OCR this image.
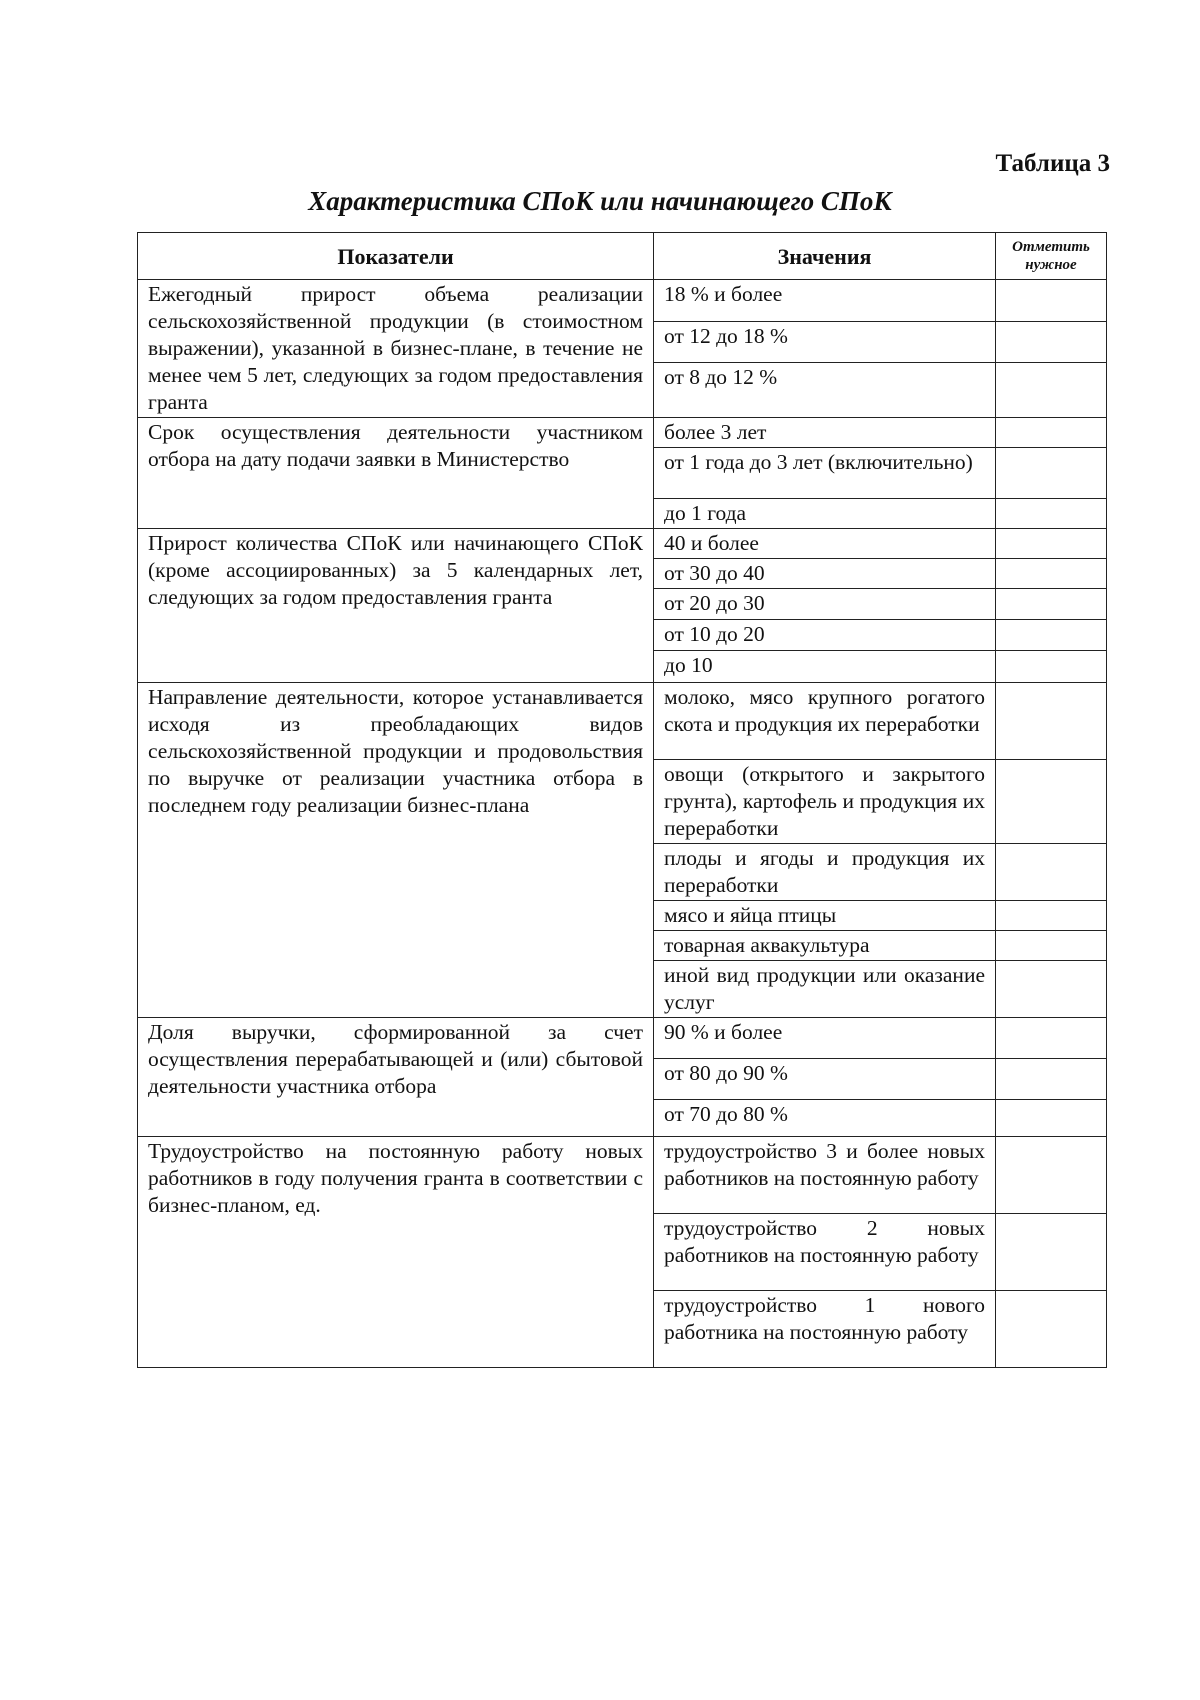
Таблица 3
Характеристика СПоК или начинающего СПоК
Показатели	Значения	Отметить нужное
Ежегодный прирост объема реализации сельскохозяйственной продукции (в стоимостном выражении), указанной в бизнес-плане, в течение не менее чем 5 лет, следующих за годом предоставления гранта	18 % и более	
	от 12 до 18 %	
	от 8 до 12 %	
Срок осуществления деятельности участником отбора на дату подачи заявки в Министерство	более 3 лет	
	от 1 года до 3 лет (включительно)	
	до 1 года	
Прирост количества СПоК или начинающего СПоК (кроме ассоциированных) за 5 календарных лет, следующих за годом предоставления гранта	40 и более	
	от 30 до 40	
	от 20 до 30	
	от 10 до 20	
	до 10	
Направление деятельности, которое устанавливается исходя из преобладающих видов сельскохозяйственной продукции и продовольствия по выручке от реализации участника отбора в последнем году реализации бизнес-плана	молоко, мясо крупного рогатого скота и продукция их переработки	
	овощи (открытого и закрытого грунта), картофель и продукция их переработки	
	плоды и ягоды и продукция их переработки	
	мясо и яйца птицы	
	товарная аквакультура	
	иной вид продукции или оказание услуг	
Доля выручки, сформированной за счет осуществления перерабатывающей и (или) сбытовой деятельности участника отбора	90 % и более	
	от 80 до 90 %	
	от 70 до 80 %	
Трудоустройство на постоянную работу новых работников в году получения гранта в соответствии с бизнес-планом, ед.	трудоустройство 3 и более новых работников на постоянную работу	
	трудоустройство 2 новых работников на постоянную работу	
	трудоустройство 1 нового работника на постоянную работу	
